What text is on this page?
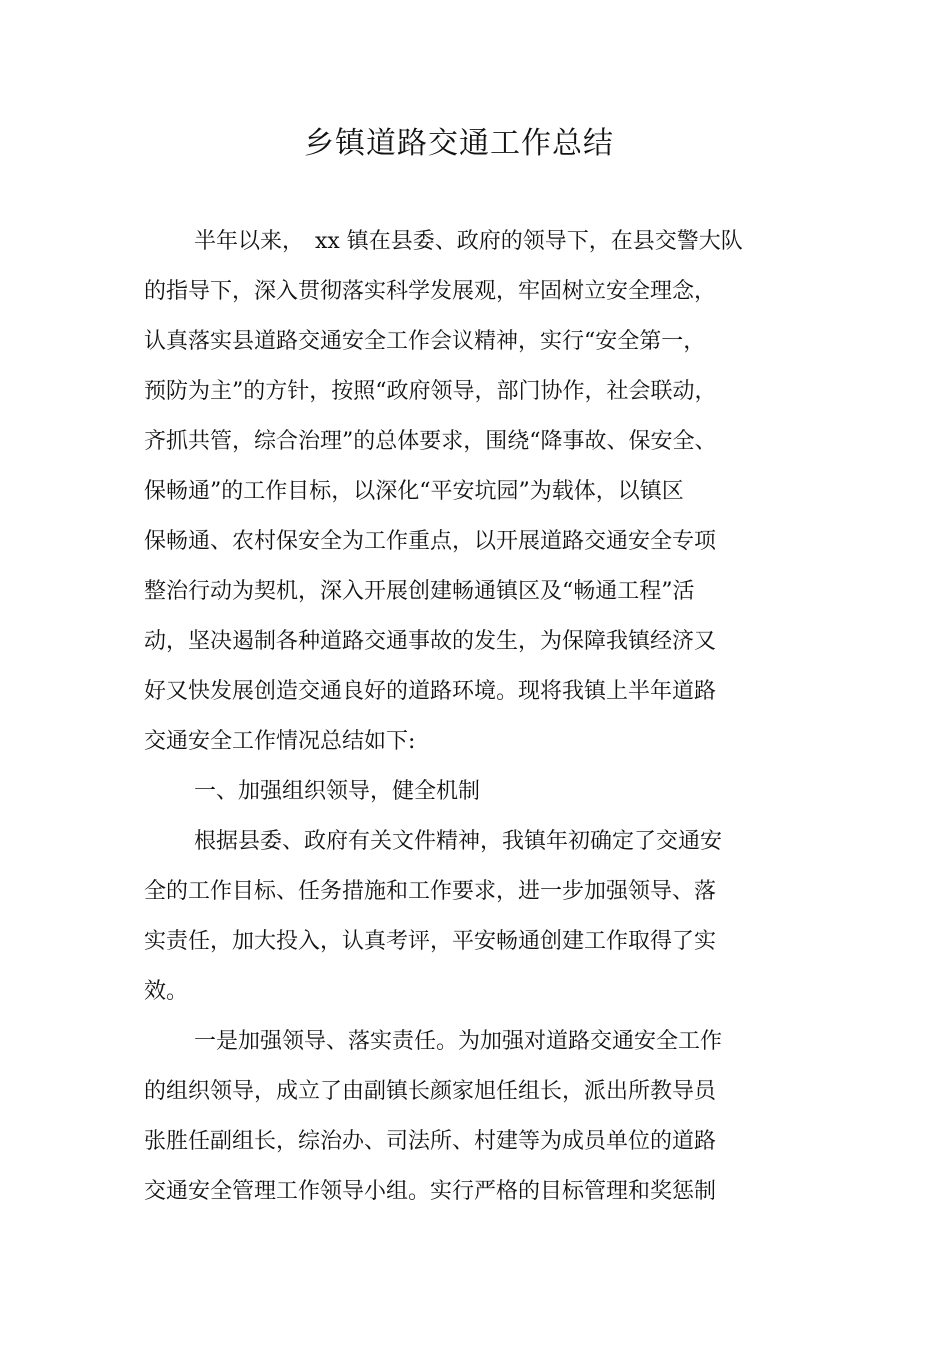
乡镇道路交通工作总结

半年以来，　xx 镇在县委、政府的领导下，在县交警大队

的指导下，深入贯彻落实科学发展观，牢固树立安全理念，

认真落实县道路交通安全工作会议精神，实行“安全第一，

预防为主”的方针，按照“政府领导，部门协作，社会联动，

齐抓共管，综合治理”的总体要求，围绕“降事故、保安全、

保畅通”的工作目标，以深化“平安坑园”为载体，以镇区

保畅通、农村保安全为工作重点，以开展道路交通安全专项

整治行动为契机，深入开展创建畅通镇区及“畅通工程”活

动，坚决遏制各种道路交通事故的发生，为保障我镇经济又

好又快发展创造交通良好的道路环境。现将我镇上半年道路

交通安全工作情况总结如下:

一、加强组织领导，健全机制

根据县委、政府有关文件精神，我镇年初确定了交通安

全的工作目标、任务措施和工作要求，进一步加强领导、落

实责任，加大投入，认真考评，平安畅通创建工作取得了实

效。

一是加强领导、落实责任。为加强对道路交通安全工作

的组织领导，成立了由副镇长颜家旭任组长，派出所教导员

张胜任副组长，综治办、司法所、村建等为成员单位的道路

交通安全管理工作领导小组。实行严格的目标管理和奖惩制
